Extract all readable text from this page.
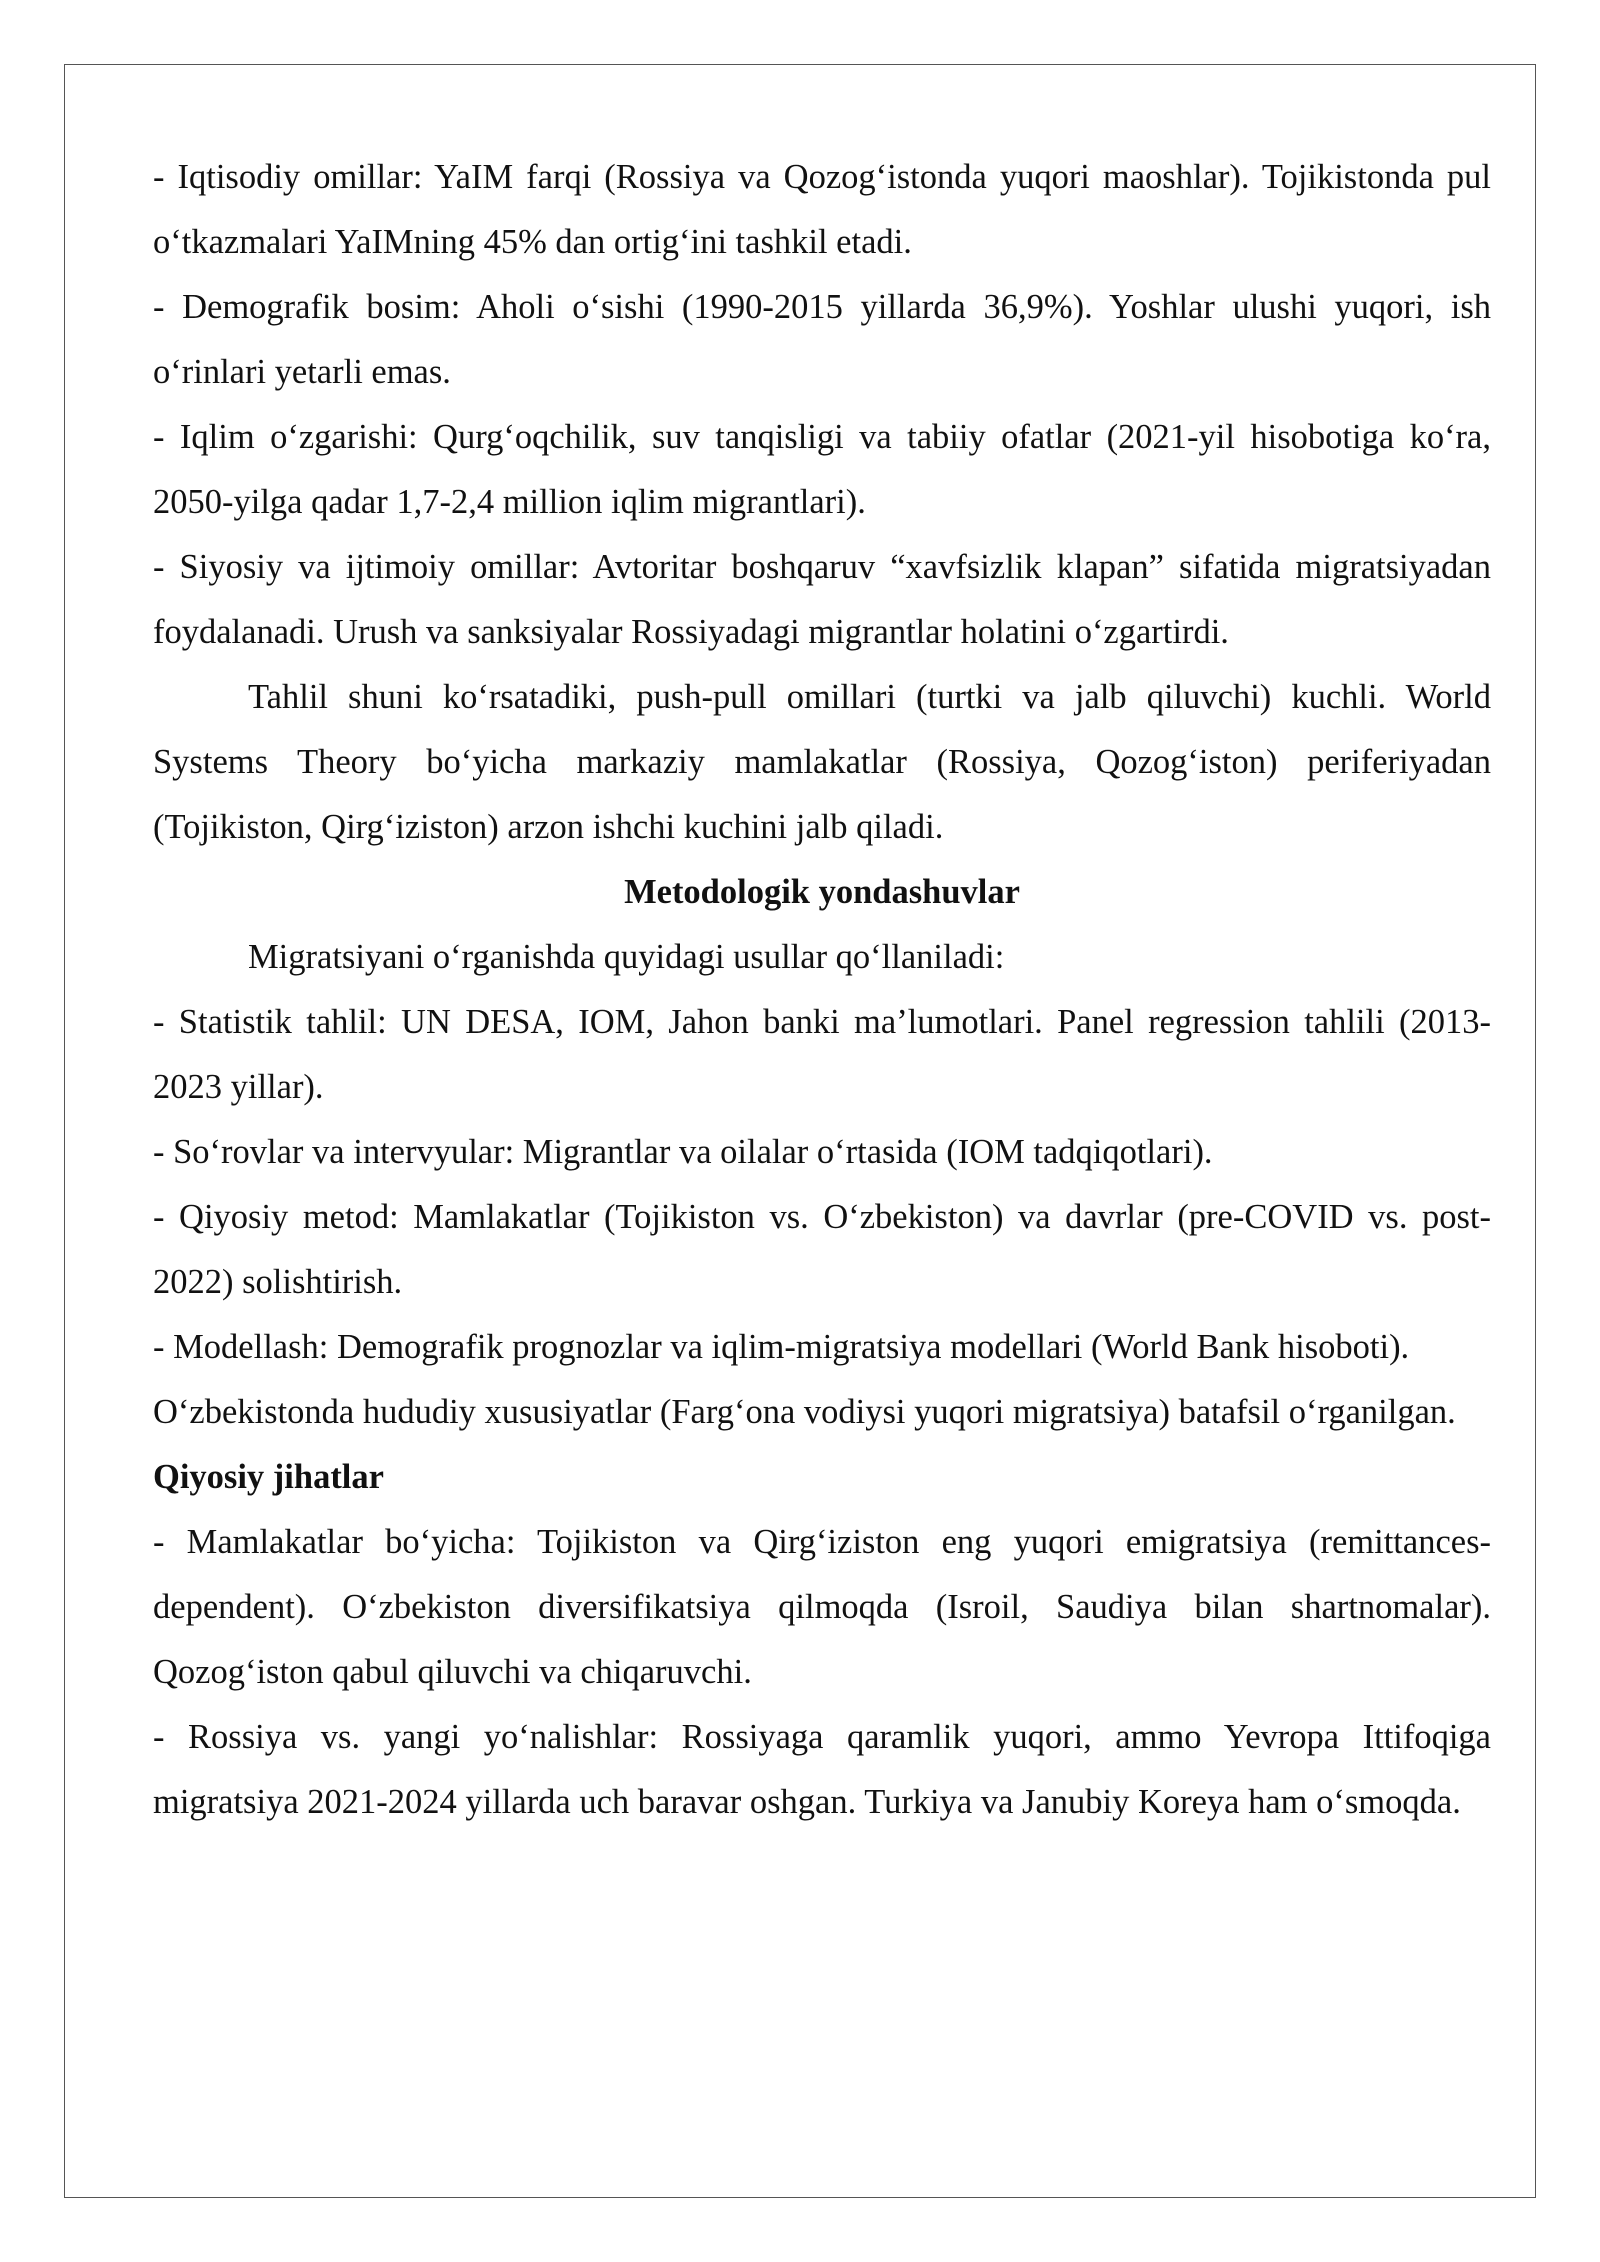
- Iqtisodiy omillar: YaIM farqi (Rossiya va Qozog‘istonda yuqori maoshlar). Tojikistonda pul o‘tkazmalari YaIMning 45% dan ortig‘ini tashkil etadi.

- Demografik bosim: Aholi o‘sishi (1990-2015 yillarda 36,9%). Yoshlar ulushi yuqori, ish o‘rinlari yetarli emas.

- Iqlim o‘zgarishi: Qurg‘oqchilik, suv tanqisligi va tabiiy ofatlar (2021-yil hisobotiga ko‘ra, 2050-yilga qadar 1,7-2,4 million iqlim migrantlari).

- Siyosiy va ijtimoiy omillar: Avtoritar boshqaruv “xavfsizlik klapan” sifatida migratsiyadan foydalanadi. Urush va sanksiyalar Rossiyadagi migrantlar holatini o‘zgartirdi.

Tahlil shuni ko‘rsatadiki, push-pull omillari (turtki va jalb qiluvchi) kuchli. World Systems Theory bo‘yicha markaziy mamlakatlar (Rossiya, Qozog‘iston) periferiyadan (Tojikiston, Qirg‘iziston) arzon ishchi kuchini jalb qiladi.

Metodologik yondashuvlar

Migratsiyani o‘rganishda quyidagi usullar qo‘llaniladi:

- Statistik tahlil: UN DESA, IOM, Jahon banki ma’lumotlari. Panel regression tahlili (2013-2023 yillar).

- So‘rovlar va intervyular: Migrantlar va oilalar o‘rtasida (IOM tadqiqotlari).

- Qiyosiy metod: Mamlakatlar (Tojikiston vs. O‘zbekiston) va davrlar (pre-COVID vs. post-2022) solishtirish.

- Modellash: Demografik prognozlar va iqlim-migratsiya modellari (World Bank hisoboti).

O‘zbekistonda hududiy xususiyatlar (Farg‘ona vodiysi yuqori migratsiya) batafsil o‘rganilgan.

Qiyosiy jihatlar

- Mamlakatlar bo‘yicha: Tojikiston va Qirg‘iziston eng yuqori emigratsiya (remittances-dependent). O‘zbekiston diversifikatsiya qilmoqda (Isroil, Saudiya bilan shartnomalar). Qozog‘iston qabul qiluvchi va chiqaruvchi.

- Rossiya vs. yangi yo‘nalishlar: Rossiyaga qaramlik yuqori, ammo Yevropa Ittifoqiga migratsiya 2021-2024 yillarda uch baravar oshgan. Turkiya va Janubiy Koreya ham o‘smoqda.
